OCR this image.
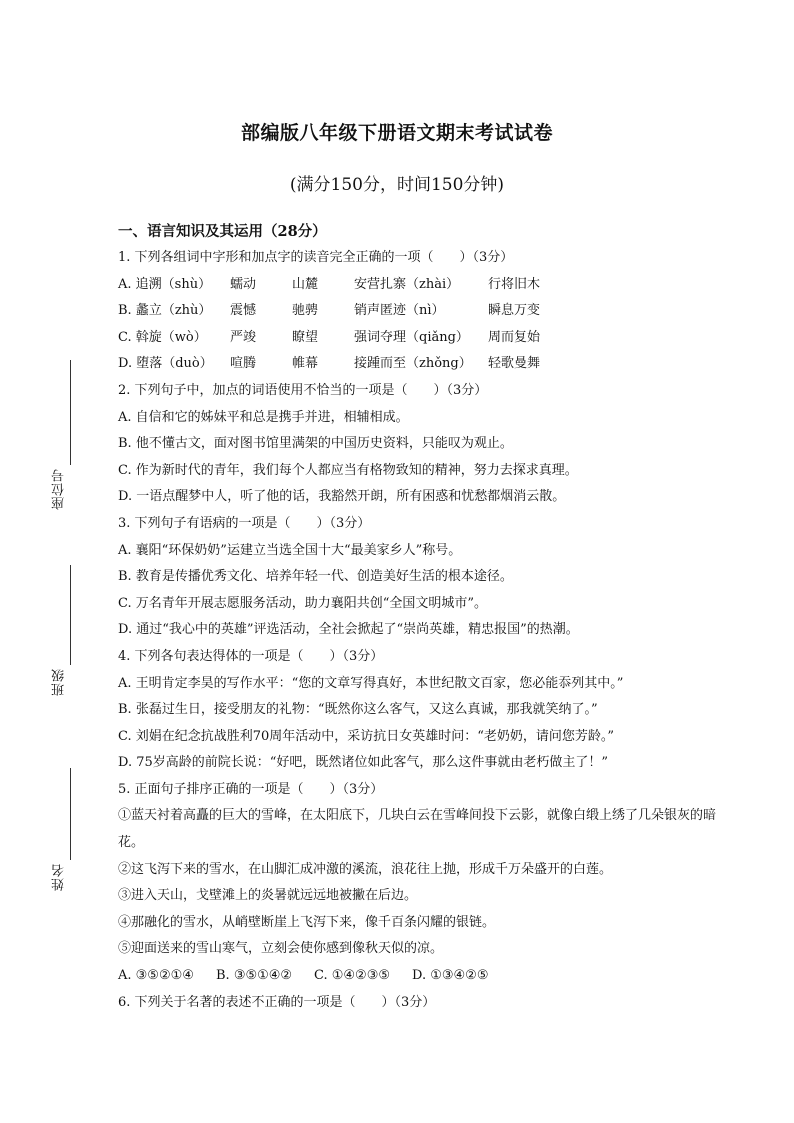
座位号
班级
姓名
部编版八年级下册语文期末考试试卷
(满分150分，时间150分钟)
一、语言知识及其运用（28分）
1. 下列各组词中字形和加点字的读音完全正确的一项（　　）（3分）
A. 追溯（shù） 蠕动	山麓	安营扎寨（zhài） 行将旧木
B. 蠡立（zhù） 震憾	驰骋	销声匿迹（nì）	瞬息万变
C. 斡旋（wò） 严竣	瞭望	强词夺理（qiǎng） 周而复始
D. 堕落（duò） 喧腾	帷幕	接踵而至（zhǒng） 轻歌曼舞
2. 下列句子中，加点的词语使用不恰当的一项是（　　）（3分）
A. 自信和它的姊妹平和总是携手并进，相辅相成。
B. 他不懂古文，面对图书馆里满架的中国历史资料，只能叹为观止。
C. 作为新时代的青年，我们每个人都应当有格物致知的精神，努力去探求真理。
D. 一语点醒梦中人，听了他的话，我豁然开朗，所有困惑和忧愁都烟消云散。
3. 下列句子有语病的一项是（　　）（3分）
A. 襄阳“环保奶奶”运建立当选全国十大“最美家乡人”称号。
B. 教育是传播优秀文化、培养年轻一代、创造美好生活的根本途径。
C. 万名青年开展志愿服务活动，助力襄阳共创“全国文明城市”。
D. 通过“我心中的英雄”评选活动，全社会掀起了“崇尚英雄，精忠报国”的热潮。
4. 下列各句表达得体的一项是（　　）（3分）
A. 王明肯定李昊的写作水平：“您的文章写得真好，本世纪散文百家，您必能忝列其中。”
B. 张磊过生日，接受朋友的礼物：“既然你这么客气，又这么真诚，那我就笑纳了。”
C. 刘娟在纪念抗战胜利70周年活动中，采访抗日女英雄时问：“老奶奶，请问您芳龄。”
D. 75岁高龄的前院长说：“好吧，既然诸位如此客气，那么这件事就由老朽做主了！”
5. 正面句子排序正确的一项是（　　）（3分）
①蓝天衬着高矗的巨大的雪峰，在太阳底下，几块白云在雪峰间投下云影，就像白缎上绣了几朵银灰的暗花。
②这飞泻下来的雪水，在山脚汇成冲激的溪流，浪花往上抛，形成千万朵盛开的白莲。
③进入天山，戈壁滩上的炎暑就远远地被撇在后边。
④那融化的雪水，从峭壁断崖上飞泻下来，像千百条闪耀的银链。
⑤迎面送来的雪山寒气，立刻会使你感到像秋天似的凉。
A. ③⑤②①④ B. ③⑤①④② C. ①④②③⑤ D. ①③④②⑤
6. 下列关于名著的表述不正确的一项是（　　）（3分）
